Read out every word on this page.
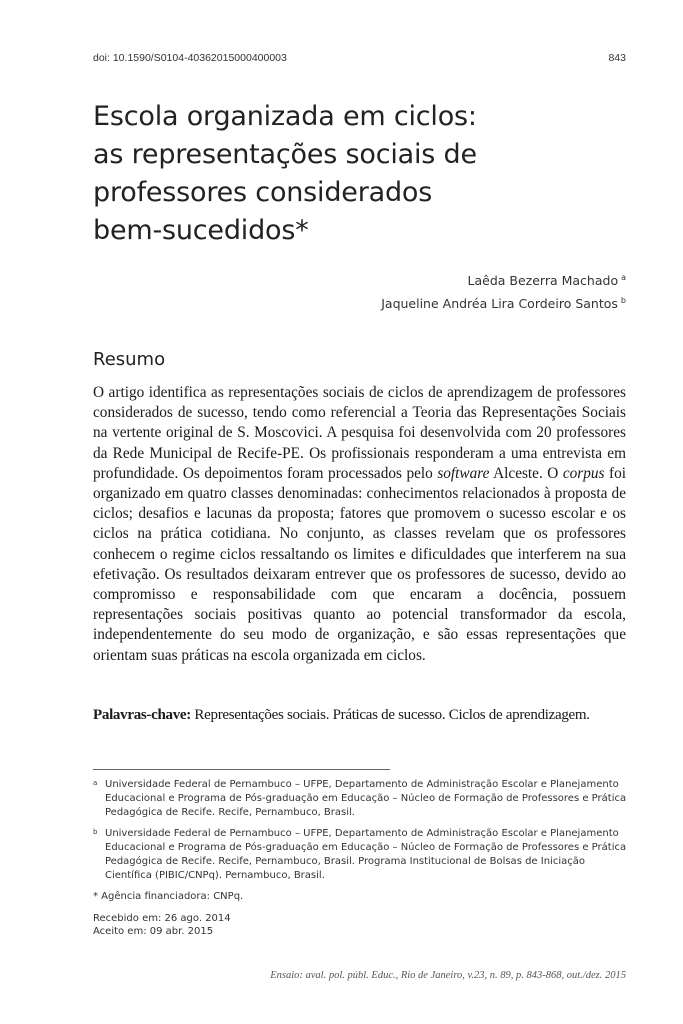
doi: 10.1590/S0104-40362015000400003	843
Escola organizada em ciclos:
as representações sociais de
professores considerados
bem-sucedidos*
Laêda Bezerra Machado $^a$
Jaqueline Andréa Lira Cordeiro Santos $^b$
Resumo

O artigo identifica as representações sociais de ciclos de aprendizagem de professores considerados de sucesso, tendo como referencial a Teoria das Representações Sociais na vertente original de S. Moscovici. A pesquisa foi desenvolvida com 20 professores da Rede Municipal de Recife-PE. Os profissionais responderam a uma entrevista em profundidade. Os depoimentos foram processados pelo software Alceste. O corpus foi organizado em quatro classes denominadas: conhecimentos relacionados à proposta de ciclos; desafios e lacunas da proposta; fatores que promovem o sucesso escolar e os ciclos na prática cotidiana. No conjunto, as classes revelam que os professores conhecem o regime ciclos ressaltando os limites e dificuldades que interferem na sua efetivação. Os resultados deixaram entrever que os professores de sucesso, devido ao compromisso e responsabilidade com que encaram a docência, possuem representações sociais positivas quanto ao potencial transformador da escola, independentemente do seu modo de organização, e são essas representações que orientam suas práticas na escola organizada em ciclos.

Palavras-chave: Representações sociais. Práticas de sucesso. Ciclos de aprendizagem.

a Universidade Federal de Pernambuco – UFPE, Departamento de Administração Escolar e Planejamento Educacional e Programa de Pós-graduação em Educação – Núcleo de Formação de Professores e Prática Pedagógica de Recife. Recife, Pernambuco, Brasil.
b Universidade Federal de Pernambuco – UFPE, Departamento de Administração Escolar e Planejamento Educacional e Programa de Pós-graduação em Educação – Núcleo de Formação de Professores e Prática Pedagógica de Recife. Recife, Pernambuco, Brasil. Programa Institucional de Bolsas de Iniciação Científica (PIBIC/CNPq). Pernambuco, Brasil.
* Agência financiadora: CNPq.
Recebido em: 26 ago. 2014
Aceito em: 09 abr. 2015
Ensaio: aval. pol. públ. Educ., Rio de Janeiro, v.23, n. 89, p. 843-868, out./dez. 2015
